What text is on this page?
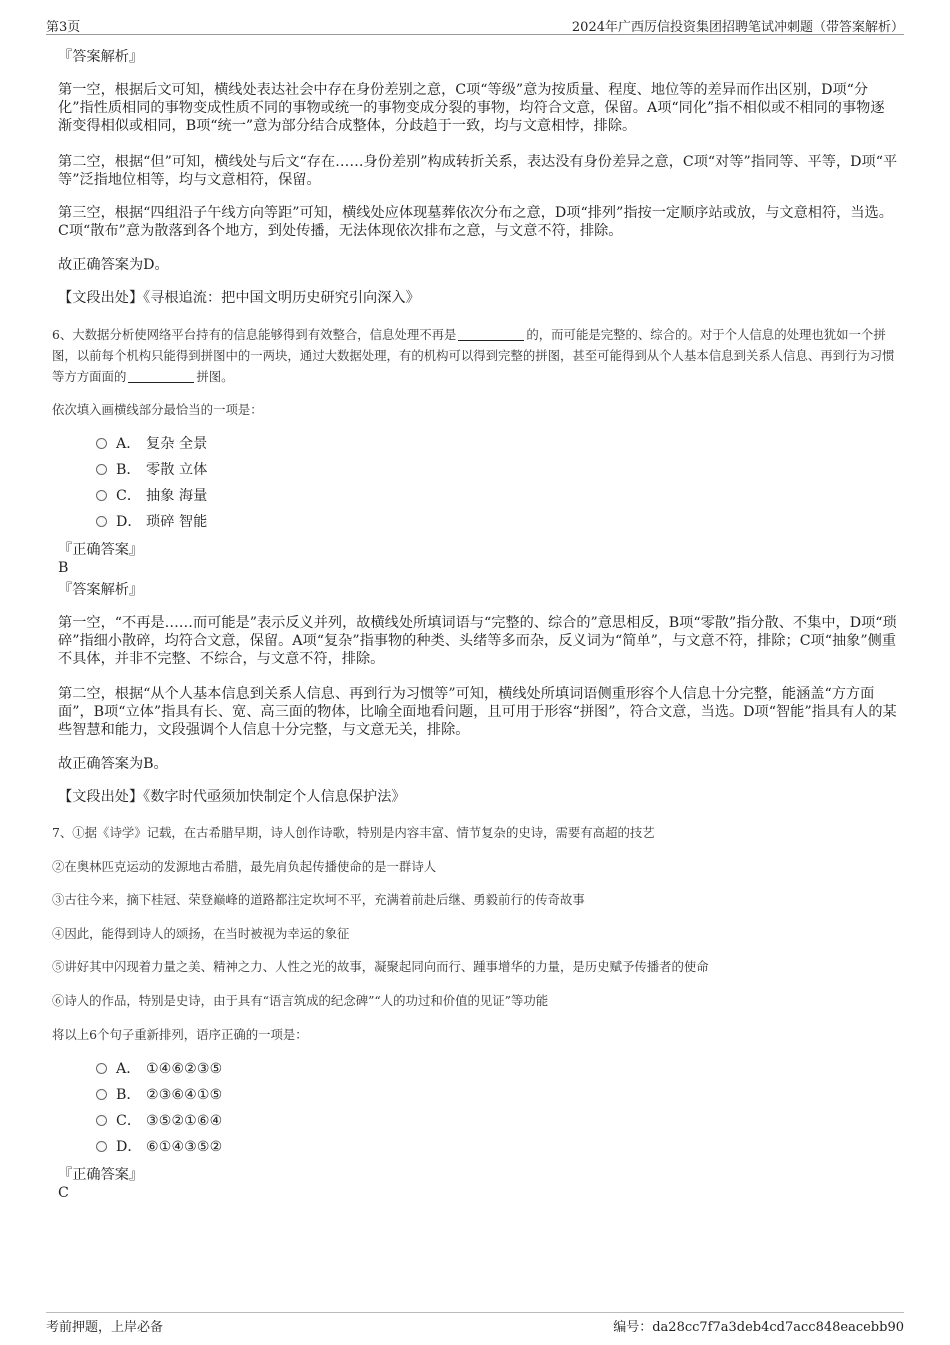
第3页	2024年广西厉信投资集团招聘笔试冲刺题（带答案解析）

『答案解析』

第一空，根据后文可知，横线处表达社会中存在身份差别之意，C项“等级”意为按质量、程度、地位等的差异而作出区别，D项“分化”指性质相同的事物变成性质不同的事物或统一的事物变成分裂的事物，均符合文意，保留。A项“同化”指不相似或不相同的事物逐渐变得相似或相同，B项“统一”意为部分结合成整体，分歧趋于一致，均与文意相悖，排除。

第二空，根据“但”可知，横线处与后文“存在……身份差别”构成转折关系，表达没有身份差异之意，C项“对等”指同等、平等，D项“平等”泛指地位相等，均与文意相符，保留。

第三空，根据“四组沿子午线方向等距”可知，横线处应体现墓葬依次分布之意，D项“排列”指按一定顺序站或放，与文意相符，当选。C项“散布”意为散落到各个地方，到处传播，无法体现依次排布之意，与文意不符，排除。

故正确答案为D。

【文段出处】《寻根追流：把中国文明历史研究引向深入》

6、大数据分析使网络平台持有的信息能够得到有效整合，信息处理不再是	的，而可能是完整的、综合的。对于个人信息的处理也犹如一个拼图，以前每个机构只能得到拼图中的一两块，通过大数据处理，有的机构可以得到完整的拼图，甚至可能得到从个人基本信息到关系人信息、再到行为习惯等方方面面的	拼图。

依次填入画横线部分最恰当的一项是：

A． 复杂 全景
B． 零散 立体
C． 抽象 海量
D． 琐碎 智能

『正确答案』

B

『答案解析』

第一空，“不再是……而可能是”表示反义并列，故横线处所填词语与“完整的、综合的”意思相反，B项“零散”指分散、不集中，D项“琐碎”指细小散碎，均符合文意，保留。A项“复杂”指事物的种类、头绪等多而杂，反义词为“简单”，与文意不符，排除；C项“抽象”侧重不具体，并非不完整、不综合，与文意不符，排除。

第二空，根据“从个人基本信息到关系人信息、再到行为习惯等”可知，横线处所填词语侧重形容个人信息十分完整，能涵盖“方方面面”，B项“立体”指具有长、宽、高三面的物体，比喻全面地看问题，且可用于形容“拼图”，符合文意，当选。D项“智能”指具有人的某些智慧和能力，文段强调个人信息十分完整，与文意无关，排除。

故正确答案为B。

【文段出处】《数字时代亟须加快制定个人信息保护法》

7、①据《诗学》记载，在古希腊早期，诗人创作诗歌，特别是内容丰富、情节复杂的史诗，需要有高超的技艺

②在奥林匹克运动的发源地古希腊，最先肩负起传播使命的是一群诗人

③古往今来，摘下桂冠、荣登巅峰的道路都注定坎坷不平，充满着前赴后继、勇毅前行的传奇故事

④因此，能得到诗人的颂扬，在当时被视为幸运的象征

⑤讲好其中闪现着力量之美、精神之力、人性之光的故事，凝聚起同向而行、踵事增华的力量，是历史赋予传播者的使命

⑥诗人的作品，特别是史诗，由于具有“语言筑成的纪念碑”“人的功过和价值的见证”等功能

将以上6个句子重新排列，语序正确的一项是：

A． ①④⑥②③⑤
B． ②③⑥④①⑤
C． ③⑤②①⑥④
D． ⑥①④③⑤②

『正确答案』

C

考前押题，上岸必备	编号：da28cc7f7a3deb4cd7acc848eacebb90
